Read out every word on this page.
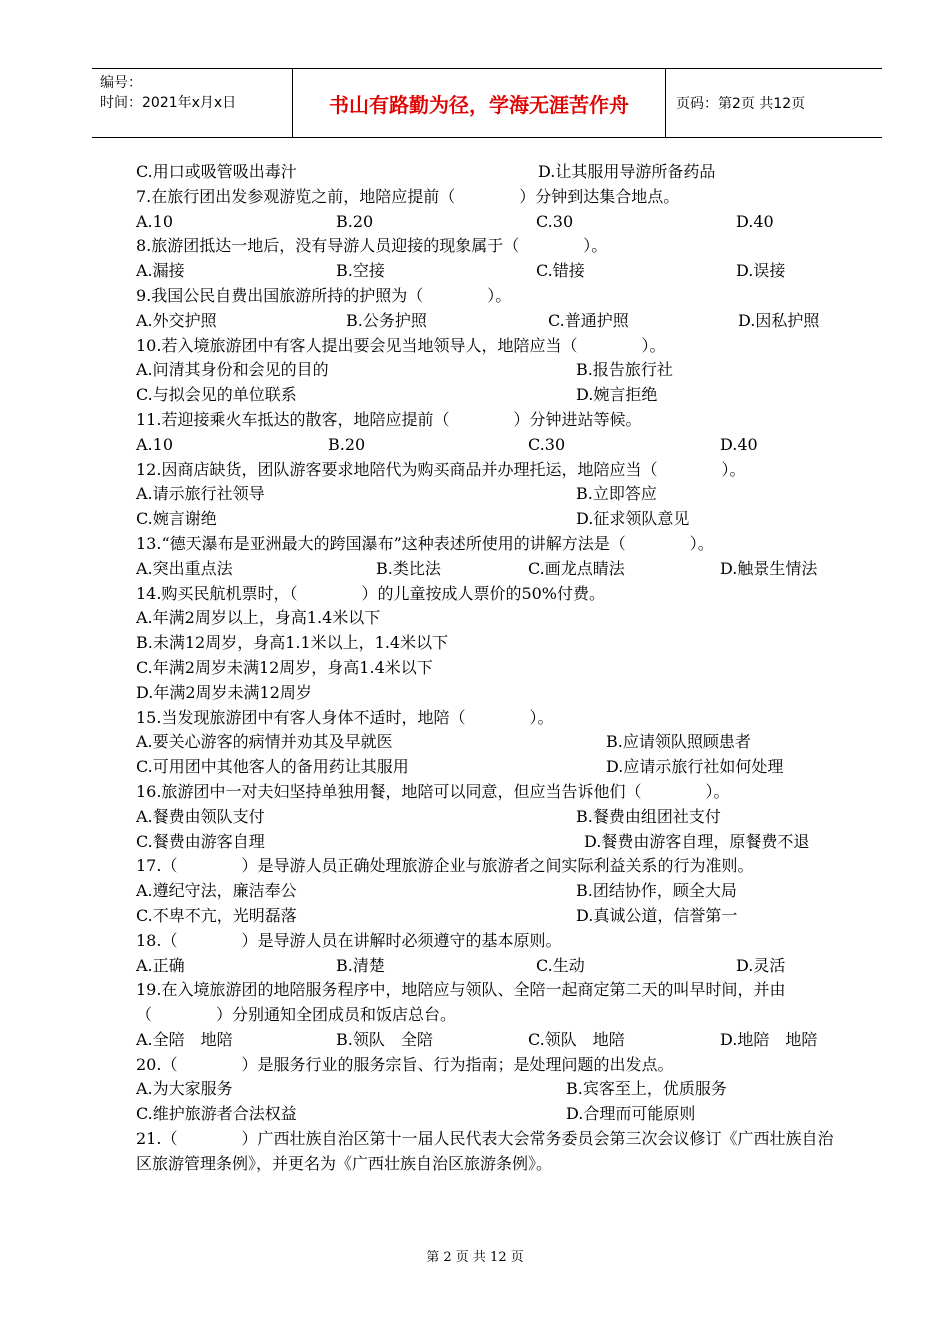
编号：
时间：2021年x月x日	书山有路勤为径，学海无涯苦作舟	页码：第2页 共12页
C.用口或吸管吸出毒汁	D.让其服用导游所备药品
7.在旅行团出发参观游览之前，地陪应提前（　　　　）分钟到达集合地点。
A.10	B.20	C.30	D.40
8.旅游团抵达一地后，没有导游人员迎接的现象属于（　　　　）。
A.漏接	B.空接	C.错接	D.误接
9.我国公民自费出国旅游所持的护照为（　　　　）。
A.外交护照	B.公务护照	C.普通护照	D.因私护照
10.若入境旅游团中有客人提出要会见当地领导人，地陪应当（　　　　）。
A.问清其身份和会见的目的	B.报告旅行社
C.与拟会见的单位联系	D.婉言拒绝
11.若迎接乘火车抵达的散客，地陪应提前（　　　　）分钟进站等候。
A.10	B.20	C.30	D.40
12.因商店缺货，团队游客要求地陪代为购买商品并办理托运，地陪应当（　　　　）。
A.请示旅行社领导	B.立即答应
C.婉言谢绝	D.征求领队意见
13.“德天瀑布是亚洲最大的跨国瀑布”这种表述所使用的讲解方法是（　　　　）。
A.突出重点法	B.类比法	C.画龙点睛法	D.触景生情法
14.购买民航机票时，（　　　　）的儿童按成人票价的50%付费。
A.年满2周岁以上，身高1.4米以下
B.未满12周岁，身高1.1米以上，1.4米以下
C.年满2周岁未满12周岁，身高1.4米以下
D.年满2周岁未满12周岁
15.当发现旅游团中有客人身体不适时，地陪（　　　　）。
A.要关心游客的病情并劝其及早就医	B.应请领队照顾患者
C.可用团中其他客人的备用药让其服用	D.应请示旅行社如何处理
16.旅游团中一对夫妇坚持单独用餐，地陪可以同意，但应当告诉他们（　　　　）。
A.餐费由领队支付	B.餐费由组团社支付
C.餐费由游客自理	D.餐费由游客自理，原餐费不退
17.（　　　　）是导游人员正确处理旅游企业与旅游者之间实际利益关系的行为准则。
A.遵纪守法，廉洁奉公	B.团结协作，顾全大局
C.不卑不亢，光明磊落	D.真诚公道，信誉第一
18.（　　　　）是导游人员在讲解时必须遵守的基本原则。
A.正确	B.清楚	C.生动	D.灵活
19.在入境旅游团的地陪服务程序中，地陪应与领队、全陪一起商定第二天的叫早时间，并由（　　　　）分别通知全团成员和饭店总台。
A.全陪　地陪	B.领队　全陪	C.领队　地陪	D.地陪　地陪
20.（　　　　）是服务行业的服务宗旨、行为指南；是处理问题的出发点。
A.为大家服务	B.宾客至上，优质服务
C.维护旅游者合法权益	D.合理而可能原则
21.（　　　　）广西壮族自治区第十一届人民代表大会常务委员会第三次会议修订《广西壮族自治区旅游管理条例》，并更名为《广西壮族自治区旅游条例》。
第 2 页 共 12 页
